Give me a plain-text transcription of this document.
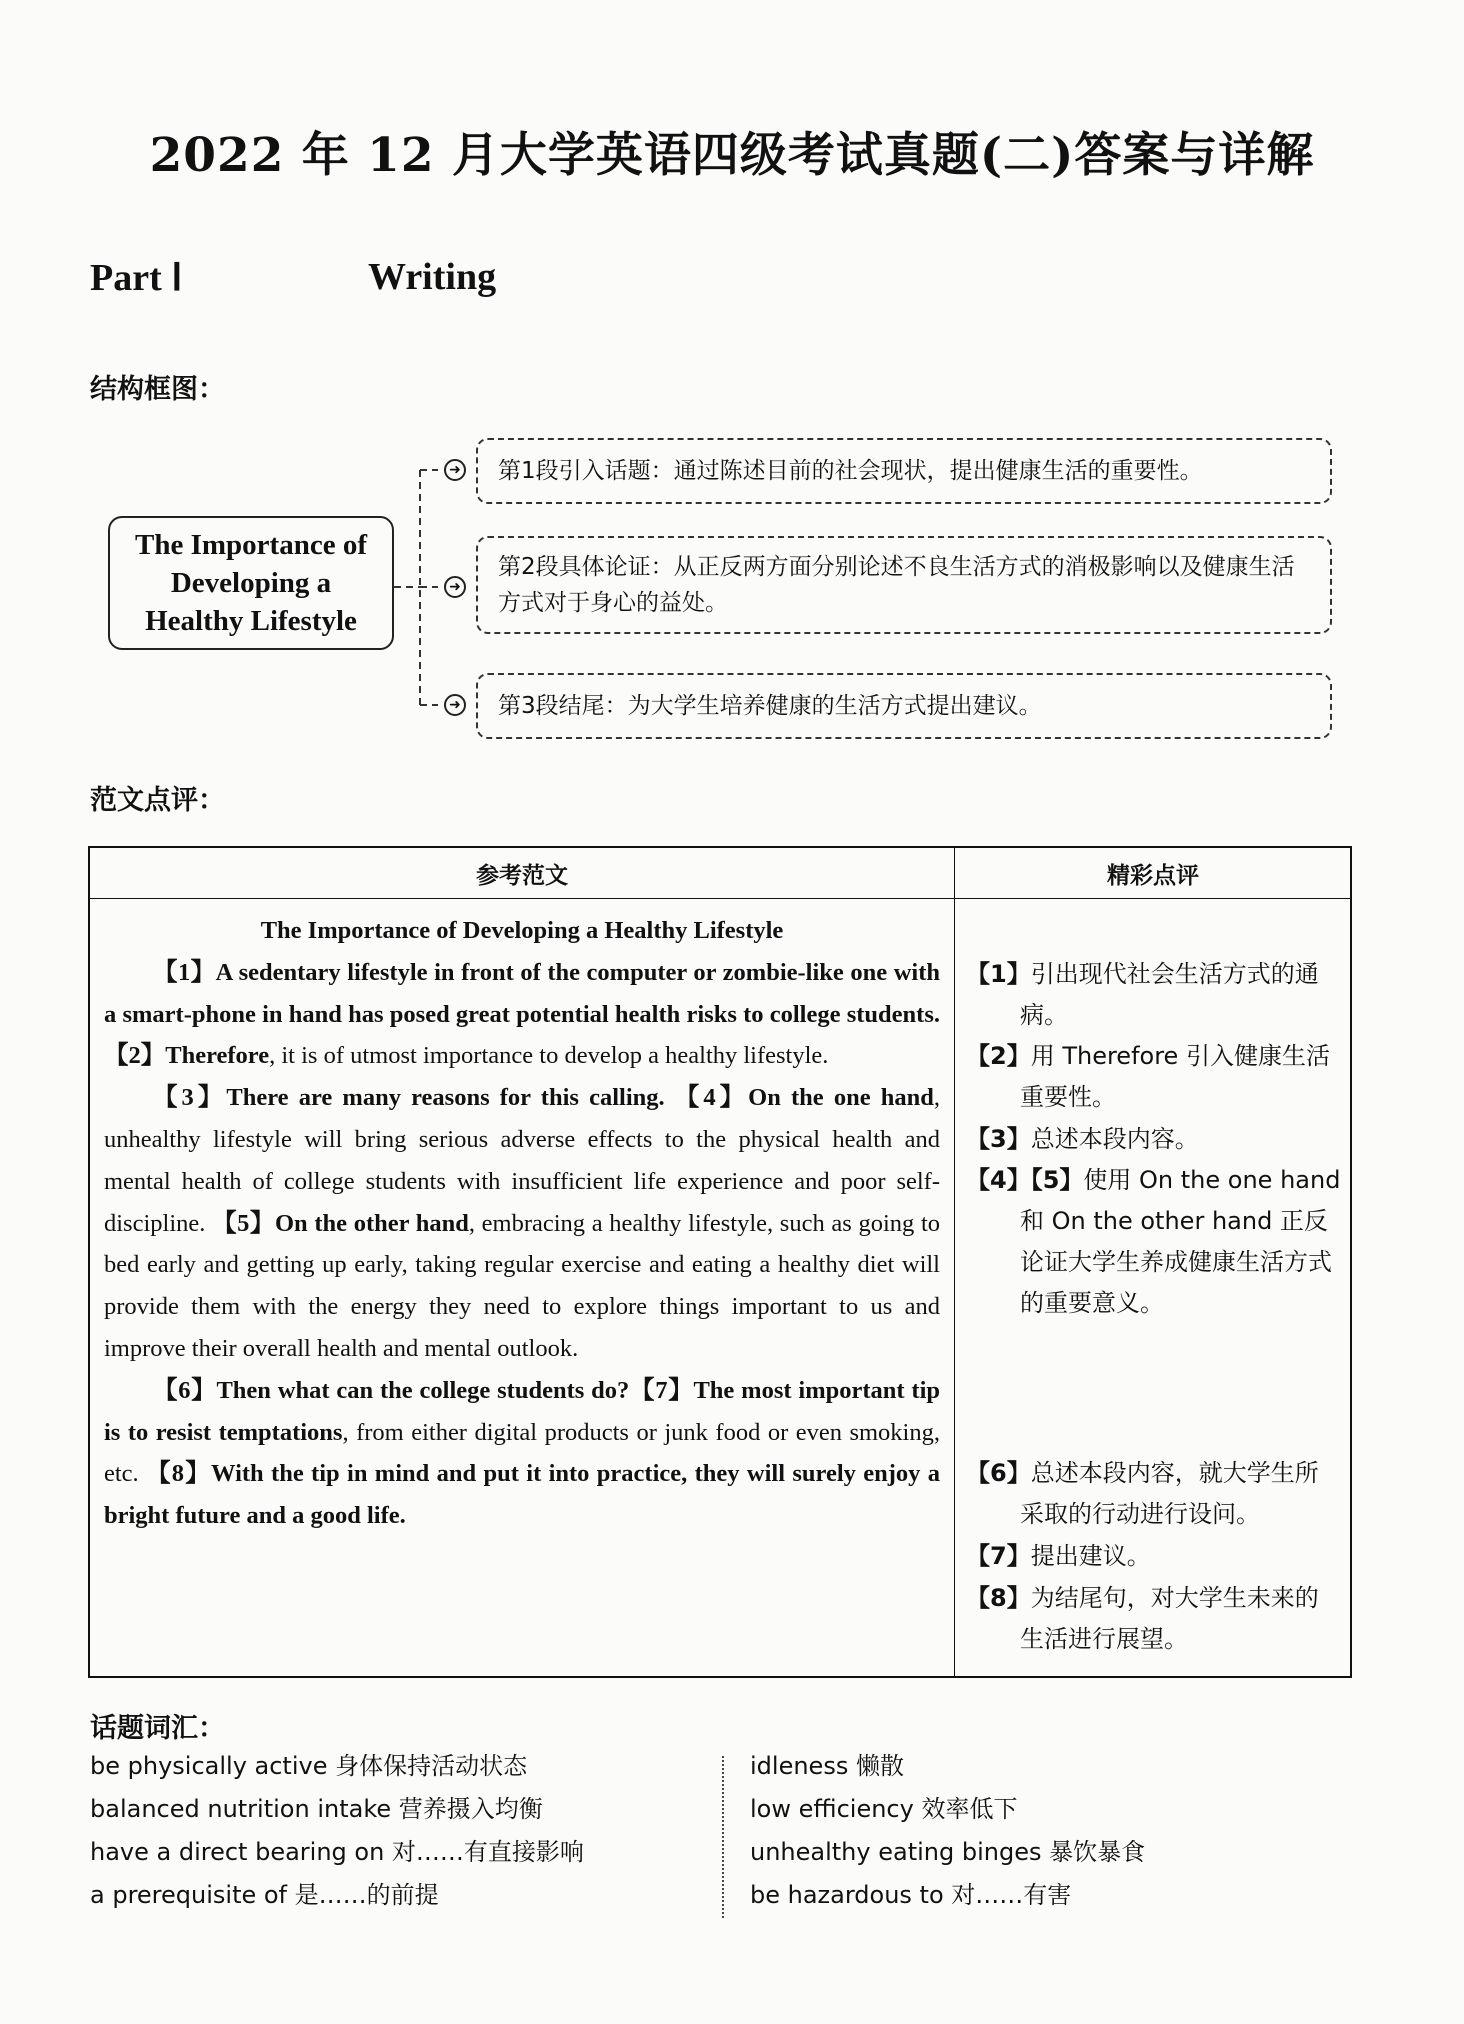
2022 年 12 月大学英语四级考试真题(二)答案与详解
Part Ⅰ	Writing
结构框图：
The Importance of
Developing a
Healthy Lifestyle
➜
➜
➜
第1段引入话题：通过陈述目前的社会现状，提出健康生活的重要性。
第2段具体论证：从正反两方面分别论述不良生活方式的消极影响以及健康生活方式对于身心的益处。
第3段结尾：为大学生培养健康的生活方式提出建议。
范文点评：
参考范文	精彩点评

The Importance of Developing a Healthy Lifestyle

【1】A sedentary lifestyle in front of the computer or zombie-like one with a smart-phone in hand has posed great potential health risks to college students. 【2】Therefore, it is of utmost importance to develop a healthy lifestyle.

【3】There are many reasons for this calling. 【4】On the one hand, unhealthy lifestyle will bring serious adverse effects to the physical health and mental health of college students with insufficient life experience and poor self-discipline. 【5】On the other hand, embracing a healthy lifestyle, such as going to bed early and getting up early, taking regular exercise and eating a healthy diet will provide them with the energy they need to explore things important to us and improve their overall health and mental outlook.

【6】Then what can the college students do?【7】The most important tip is to resist temptations, from either digital products or junk food or even smoking, etc. 【8】With the tip in mind and put it into practice, they will surely enjoy a bright future and a good life.

【1】引出现代社会生活方式的通病。
【2】用 Therefore 引入健康生活重要性。
【3】总述本段内容。
【4】【5】使用 On the one hand 和 On the other hand 正反论证大学生养成健康生活方式的重要意义。
【6】总述本段内容，就大学生所采取的行动进行设问。
【7】提出建议。
【8】为结尾句，对大学生未来的生活进行展望。
话题词汇：
be physically active 身体保持活动状态
balanced nutrition intake 营养摄入均衡
have a direct bearing on 对……有直接影响
a prerequisite of 是……的前提
idleness 懒散
low efficiency 效率低下
unhealthy eating binges 暴饮暴食
be hazardous to 对……有害
